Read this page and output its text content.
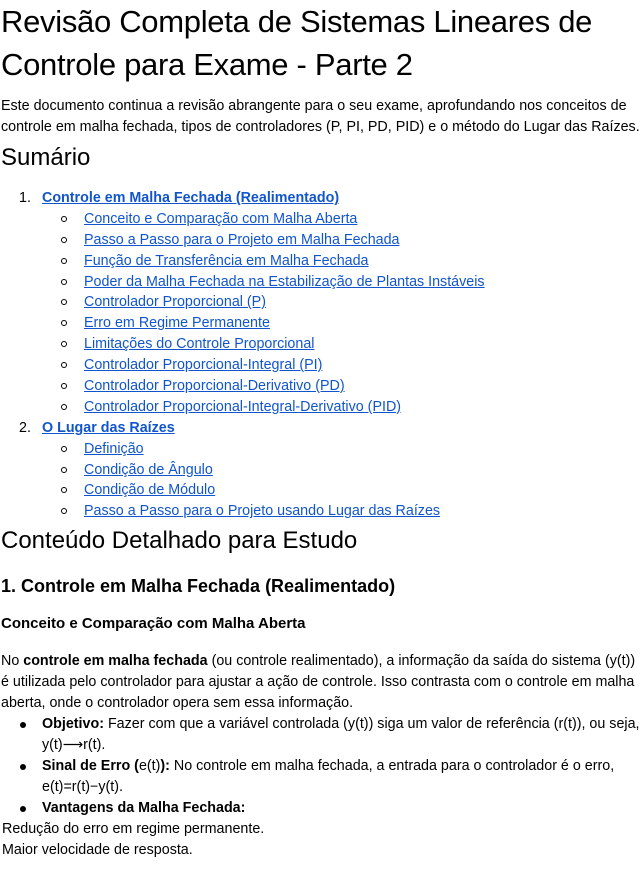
Revisão Completa de Sistemas Lineares de Controle para Exame - Parte 2

Este documento continua a revisão abrangente para o seu exame, aprofundando nos conceitos de controle em malha fechada, tipos de controladores (P, PI, PD, PID) e o método do Lugar das Raízes.

Sumário
1. Controle em Malha Fechada (Realimentado)
Conceito e Comparação com Malha Aberta
Passo a Passo para o Projeto em Malha Fechada
Função de Transferência em Malha Fechada
Poder da Malha Fechada na Estabilização de Plantas Instáveis
Controlador Proporcional (P)
Erro em Regime Permanente
Limitações do Controle Proporcional
Controlador Proporcional-Integral (PI)
Controlador Proporcional-Derivativo (PD)
Controlador Proporcional-Integral-Derivativo (PID)
2. O Lugar das Raízes
Definição
Condição de Ângulo
Condição de Módulo
Passo a Passo para o Projeto usando Lugar das Raízes
Conteúdo Detalhado para Estudo
1. Controle em Malha Fechada (Realimentado)
Conceito e Comparação com Malha Aberta

No controle em malha fechada (ou controle realimentado), a informação da saída do sistema (y(t)) é utilizada pelo controlador para ajustar a ação de controle. Isso contrasta com o controle em malha aberta, onde o controlador opera sem essa informação.

Objetivo: Fazer com que a variável controlada (y(t)) siga um valor de referência (r(t)), ou seja, y(t)⟶r(t).
Sinal de Erro (e(t)): No controle em malha fechada, a entrada para o controlador é o erro, e(t)=r(t)−y(t).
Vantagens da Malha Fechada:
Redução do erro em regime permanente.
Maior velocidade de resposta.
